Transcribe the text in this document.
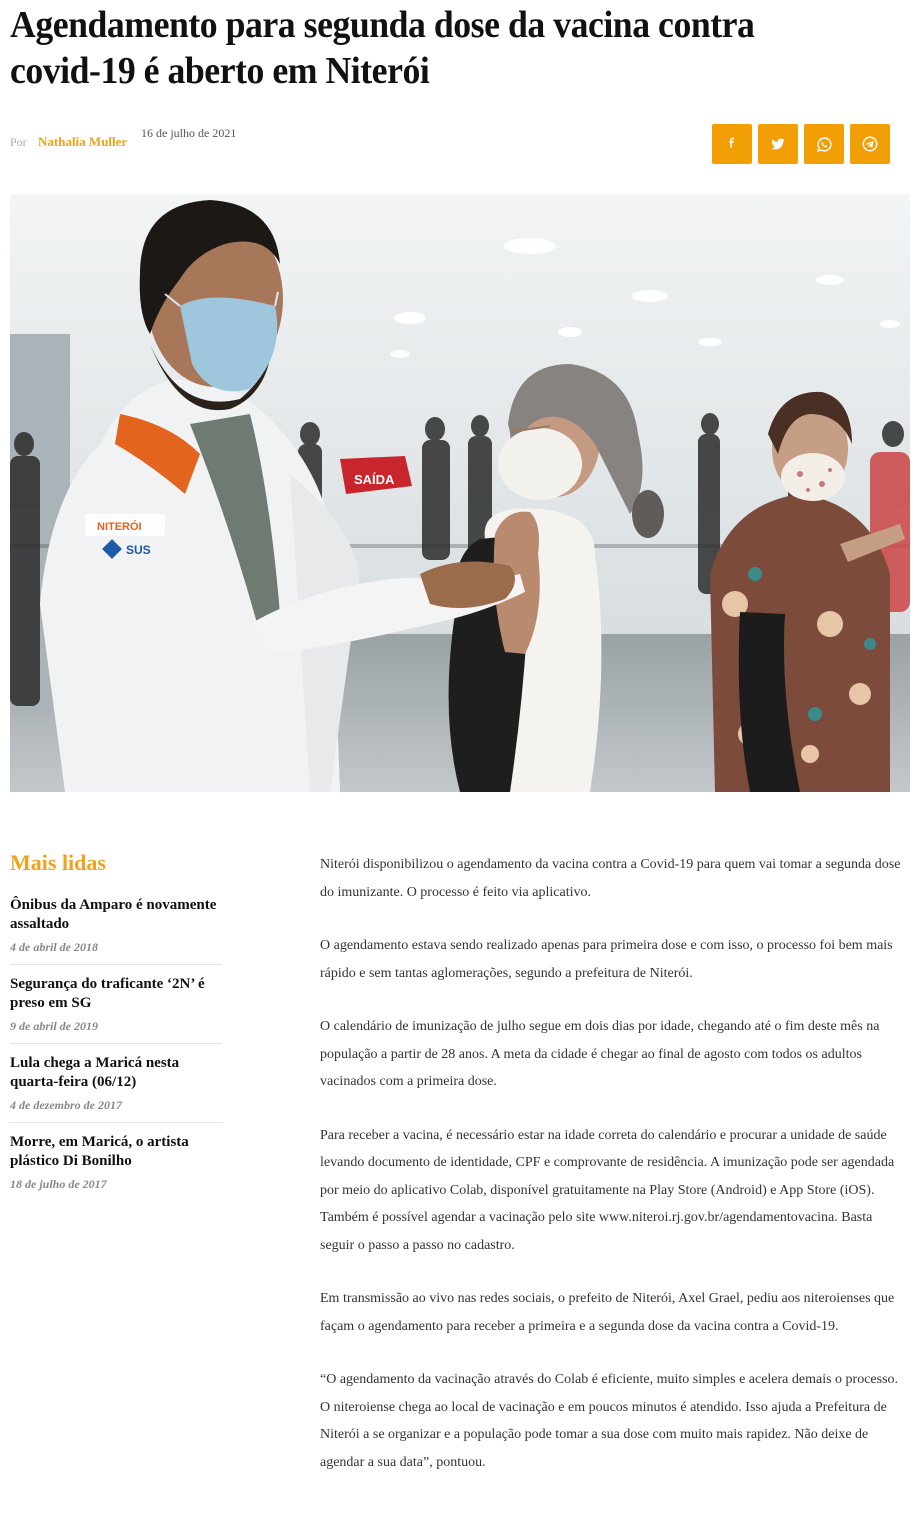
Agendamento para segunda dose da vacina contra covid-19 é aberto em Niterói
Por Nathalia Muller
16 de julho de 2021
SAÍDA
NITERÓI
SUS
Mais lidas
Ônibus da Amparo é novamente assaltado
4 de abril de 2018
Segurança do traficante ‘2N’ é preso em SG
9 de abril de 2019
Lula chega a Maricá nesta quarta-feira (06/12)
4 de dezembro de 2017
Morre, em Maricá, o artista plástico Di Bonilho
18 de julho de 2017

Niterói disponibilizou o agendamento da vacina contra a Covid-19 para quem vai tomar a segunda dose do imunizante. O processo é feito via aplicativo.

O agendamento estava sendo realizado apenas para primeira dose e com isso, o processo foi bem mais rápido e sem tantas aglomerações, segundo a prefeitura de Niterói.

O calendário de imunização de julho segue em dois dias por idade, chegando até o fim deste mês na população a partir de 28 anos. A meta da cidade é chegar ao final de agosto com todos os adultos vacinados com a primeira dose.

Para receber a vacina, é necessário estar na idade correta do calendário e procurar a unidade de saúde levando documento de identidade, CPF e comprovante de residência. A imunização pode ser agendada por meio do aplicativo Colab, disponível gratuitamente na Play Store (Android) e App Store (iOS). Também é possível agendar a vacinação pelo site www.niteroi.rj.gov.br/agendamentovacina. Basta seguir o passo a passo no cadastro.

Em transmissão ao vivo nas redes sociais, o prefeito de Niterói, Axel Grael, pediu aos niteroienses que façam o agendamento para receber a primeira e a segunda dose da vacina contra a Covid-19.

“O agendamento da vacinação através do Colab é eficiente, muito simples e acelera demais o processo. O niteroiense chega ao local de vacinação e em poucos minutos é atendido. Isso ajuda a Prefeitura de Niterói a se organizar e a população pode tomar a sua dose com muito mais rapidez. Não deixe de agendar a sua data”, pontuou.
